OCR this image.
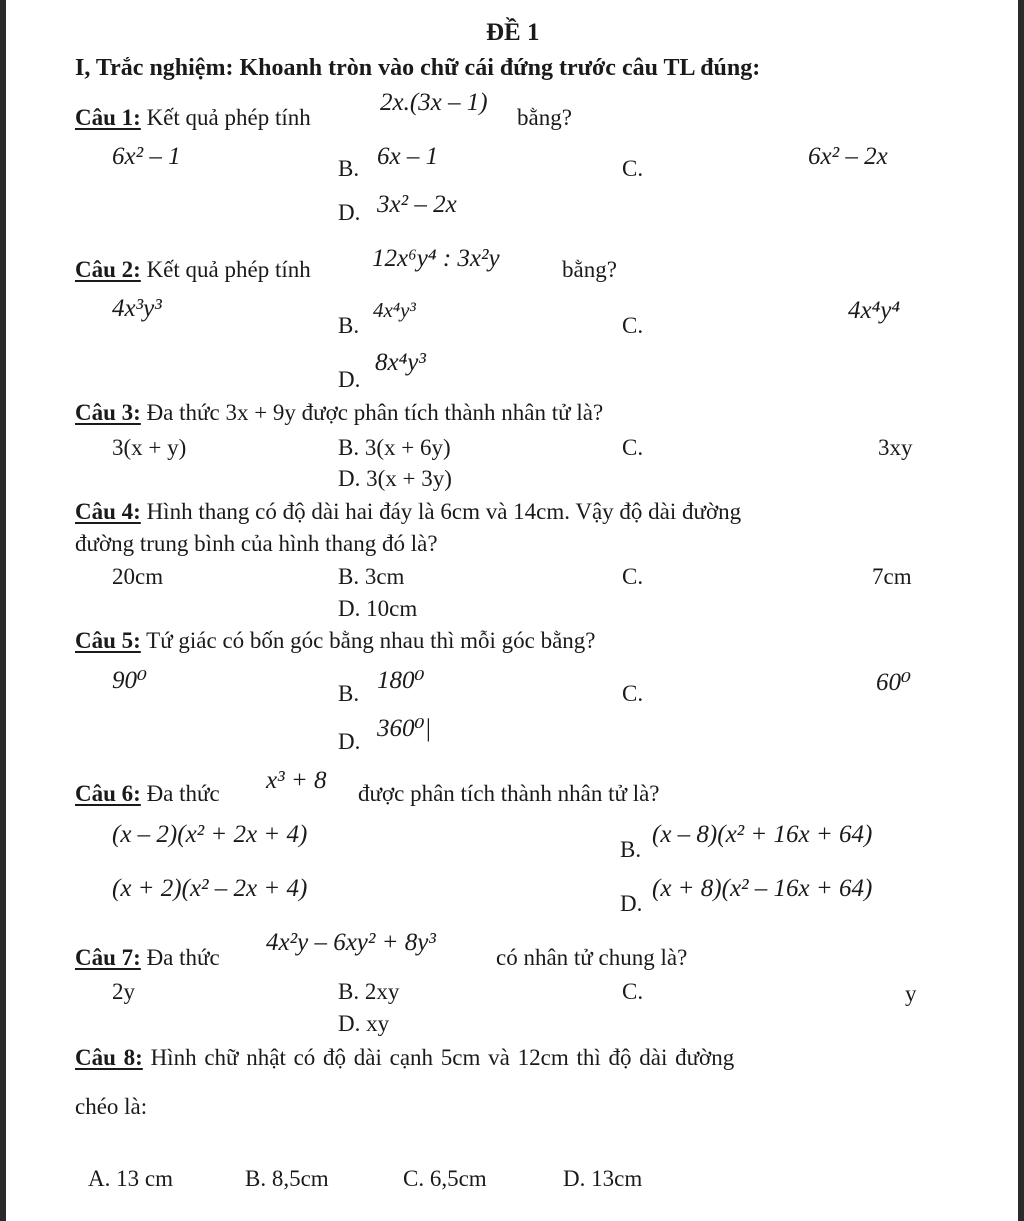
ĐỀ 1
I, Trắc nghiệm: Khoanh tròn vào chữ cái đứng trước câu TL đúng:
Câu 1: Kết quả phép tính
2x.(3x – 1)
bằng?
6x² – 1	B. 6x – 1	C.	6x² – 2x
D. 3x² – 2x
Câu 2: Kết quả phép tính 12x⁶y⁴ : 3x²y	bằng?
4x³y³
B.
4x⁴y³
C.
4x⁴y⁴
D.
8x⁴y³
Câu 3: Đa thức 3x + 9y được phân tích thành nhân tử là?
3(x + y)	B. 3(x + 6y)	C.	3xy
D. 3(x + 3y)
Câu 4: Hình thang có độ dài hai đáy là 6cm và 14cm. Vậy độ dài đường
đường trung bình của hình thang đó là?
20cm	B. 3cm	C.	7cm
D. 10cm
Câu 5: Tứ giác có bốn góc bằng nhau thì mỗi góc bằng?
90⁰	B. 180⁰	C.	60⁰
D. 360⁰|
Câu 6: Đa thức x³ + 8 được phân tích thành nhân tử là?
(x – 2)(x² + 2x + 4)
B.
(x – 8)(x² + 16x + 64)
(x + 2)(x² – 2x + 4)
D.
(x + 8)(x² – 16x + 64)
Câu 7: Đa thức
4x²y – 6xy² + 8y³
có nhân tử chung là?
2y	B. 2xy	C.	y
D. xy
Câu 8: Hình chữ nhật có độ dài cạnh 5cm và 12cm thì độ dài đường
chéo là:
A. 13 cm	B. 8,5cm	C. 6,5cm	D. 13cm
